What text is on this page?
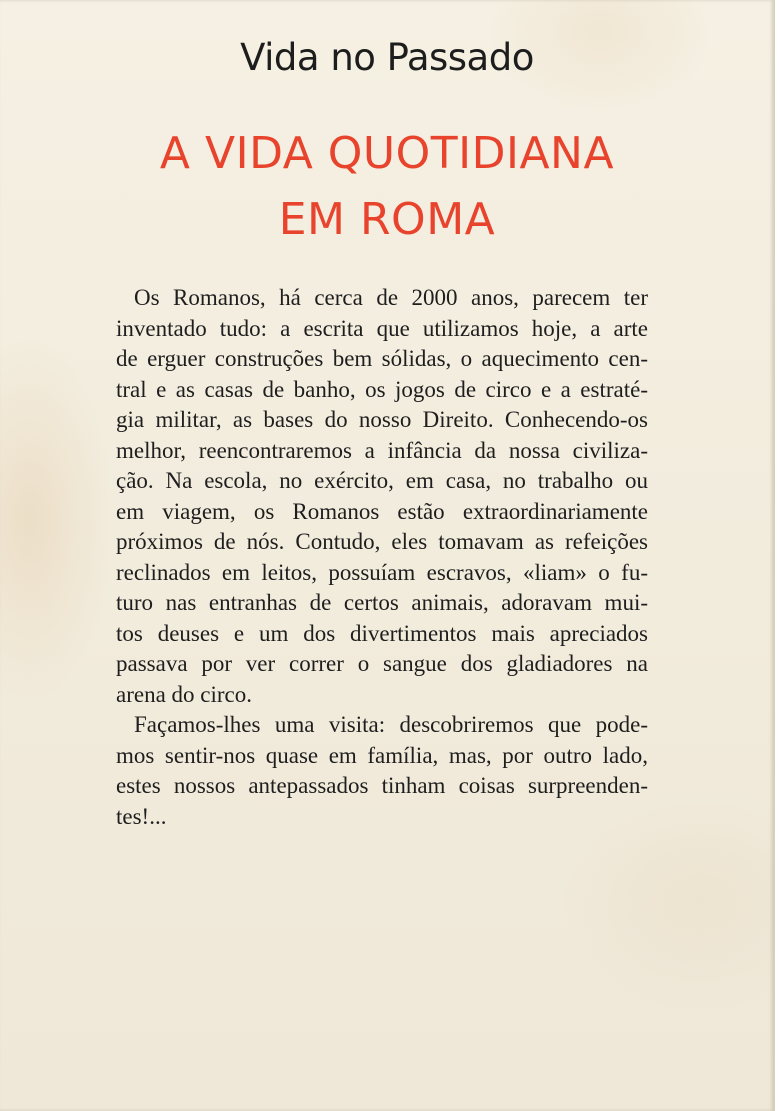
Vida no Passado
A VIDA QUOTIDIANA
EM ROMA

Os Romanos, há cerca de 2000 anos, parecem ter
inventado tudo: a escrita que utilizamos hoje, a arte
de erguer construções bem sólidas, o aquecimento cen-
tral e as casas de banho, os jogos de circo e a estraté-
gia militar, as bases do nosso Direito. Conhecendo-os
melhor, reencontraremos a infância da nossa civiliza-
ção. Na escola, no exército, em casa, no trabalho ou
em viagem, os Romanos estão extraordinariamente
próximos de nós. Contudo, eles tomavam as refeições
reclinados em leitos, possuíam escravos, «liam» o fu-
turo nas entranhas de certos animais, adoravam mui-
tos deuses e um dos divertimentos mais apreciados
passava por ver correr o sangue dos gladiadores na
arena do circo.

Façamos-lhes uma visita: descobriremos que pode-
mos sentir-nos quase em família, mas, por outro lado,
estes nossos antepassados tinham coisas surpreenden-
tes!...
